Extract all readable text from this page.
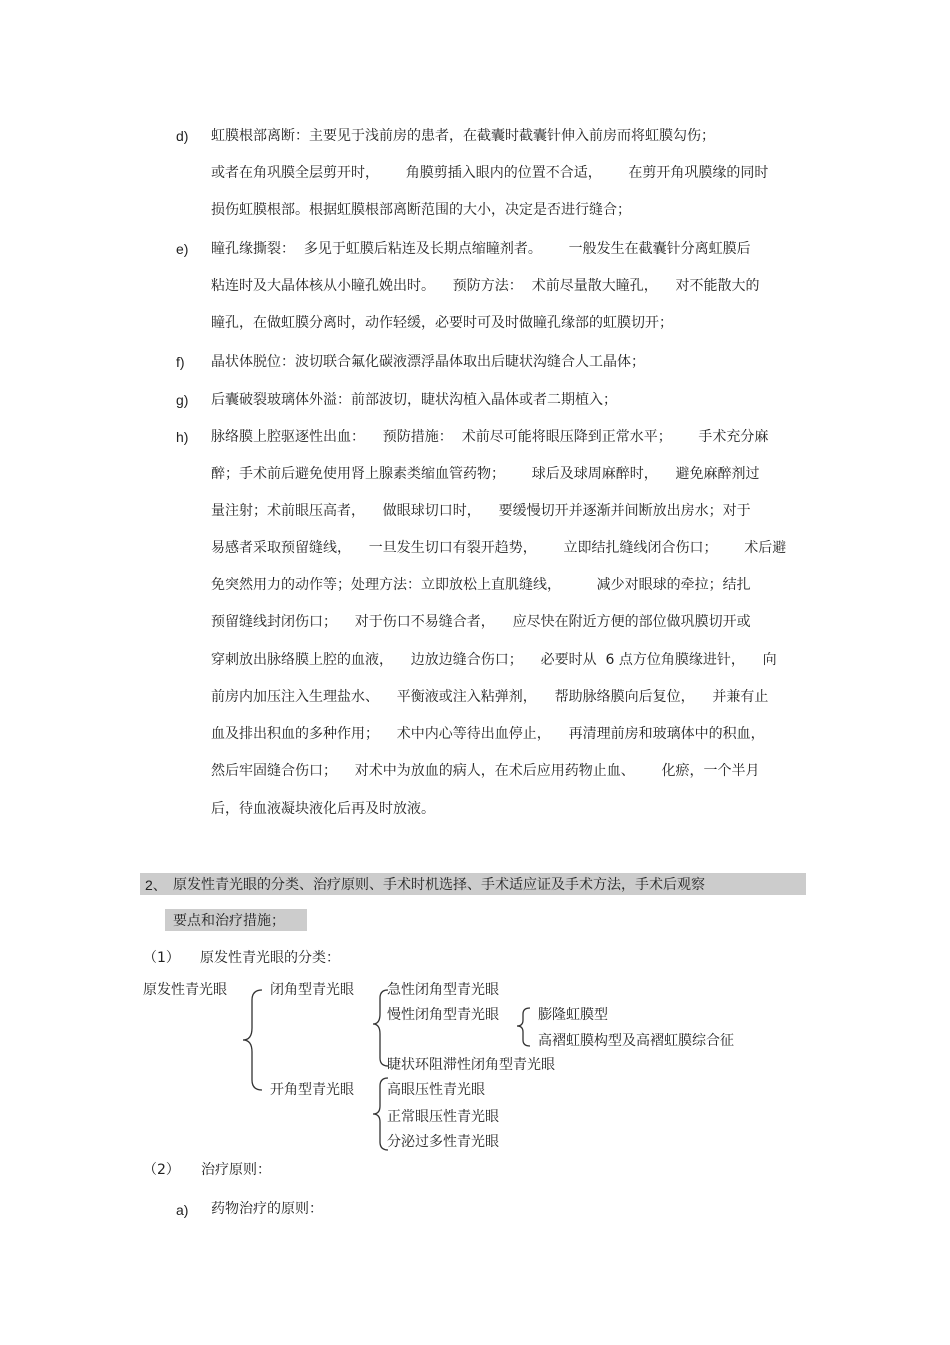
d) 虹膜根部离断：主要见于浅前房的患者，在截囊时截囊针伸入前房而将虹膜勾伤；
或者在角巩膜全层剪开时，      角膜剪插入眼内的位置不合适，      在剪开角巩膜缘的同时
损伤虹膜根部。根据虹膜根部离断范围的大小，决定是否进行缝合；
e) 瞳孔缘撕裂：  多见于虹膜后粘连及长期点缩瞳剂者。      一般发生在截囊针分离虹膜后
粘连时及大晶体核从小瞳孔娩出时。    预防方法：  术前尽量散大瞳孔，    对不能散大的
瞳孔，在做虹膜分离时，动作轻缓，必要时可及时做瞳孔缘部的虹膜切开；
f) 晶状体脱位：波切联合氟化碳液漂浮晶体取出后睫状沟缝合人工晶体；
g) 后囊破裂玻璃体外溢：前部波切，睫状沟植入晶体或者二期植入；
h) 脉络膜上腔驱逐性出血：    预防措施：  术前尽可能将眼压降到正常水平；      手术充分麻
醉；手术前后避免使用肾上腺素类缩血管药物；      球后及球周麻醉时，    避免麻醉剂过
量注射；术前眼压高者，    做眼球切口时，    要缓慢切开并逐渐并间断放出房水；对于
易感者采取预留缝线，    一旦发生切口有裂开趋势，      立即结扎缝线闭合伤口；      术后避
免突然用力的动作等；处理方法：立即放松上直肌缝线，        减少对眼球的牵拉；结扎
预留缝线封闭伤口；    对于伤口不易缝合者，    应尽快在附近方便的部位做巩膜切开或
穿刺放出脉络膜上腔的血液，    边放边缝合伤口；    必要时从  6 点方位角膜缘进针，    向
前房内加压注入生理盐水、    平衡液或注入粘弹剂，    帮助脉络膜向后复位，    并兼有止
血及排出积血的多种作用；    术中内心等待出血停止，    再清理前房和玻璃体中的积血，
然后牢固缝合伤口；    对术中为放血的病人，在术后应用药物止血、      化瘀，一个半月
后，待血液凝块液化后再及时放液。
2、 原发性青光眼的分类、治疗原则、手术时机选择、手术适应证及手术方法，手术后观察
要点和治疗措施；
（1） 原发性青光眼的分类：
原发性青光眼	闭角型青光眼 急性闭角型青光眼
慢性闭角型青光眼	膨隆虹膜型
高褶虹膜构型及高褶虹膜综合征
睫状环阻滞性闭角型青光眼
开角型青光眼 高眼压性青光眼
正常眼压性青光眼
分泌过多性青光眼
（2） 治疗原则：
a) 药物治疗的原则：
